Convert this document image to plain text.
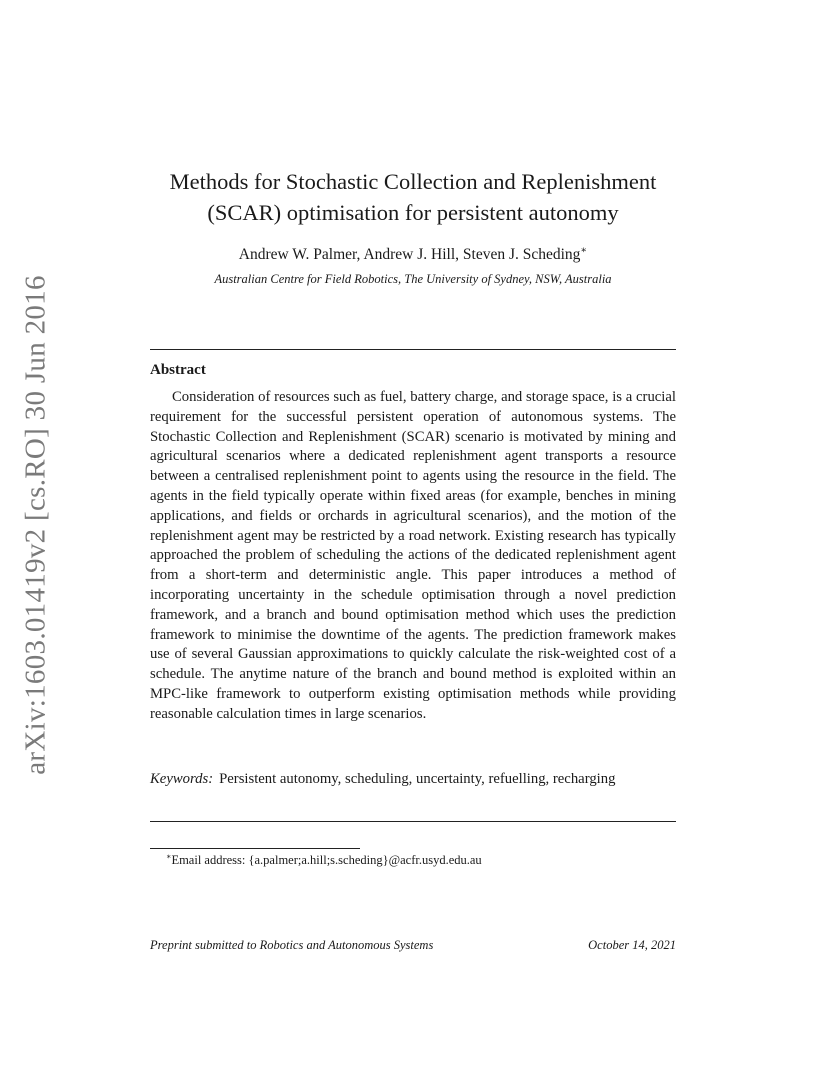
arXiv:1603.01419v2 [cs.RO] 30 Jun 2016
Methods for Stochastic Collection and Replenishment
(SCAR) optimisation for persistent autonomy
Andrew W. Palmer, Andrew J. Hill, Steven J. Scheding∗
Australian Centre for Field Robotics, The University of Sydney, NSW, Australia
Abstract
Consideration of resources such as fuel, battery charge, and storage space, is a crucial requirement for the successful persistent operation of autonomous systems. The Stochastic Collection and Replenishment (SCAR) scenario is motivated by mining and agricultural scenarios where a dedicated replenishment agent transports a resource between a centralised replenishment point to agents using the resource in the field. The agents in the field typically operate within fixed areas (for example, benches in mining applications, and fields or orchards in agricultural scenarios), and the motion of the replenishment agent may be restricted by a road network. Existing research has typically approached the problem of scheduling the actions of the dedicated replenishment agent from a short-term and deterministic angle. This paper introduces a method of incorporating uncertainty in the schedule optimisation through a novel prediction framework, and a branch and bound optimisation method which uses the prediction framework to minimise the downtime of the agents. The prediction framework makes use of several Gaussian approximations to quickly calculate the risk-weighted cost of a schedule. The anytime nature of the branch and bound method is exploited within an MPC-like framework to outperform existing optimisation methods while providing reasonable calculation times in large scenarios.
Keywords: Persistent autonomy, scheduling, uncertainty, refuelling, recharging
∗Email address: {a.palmer;a.hill;s.scheding}@acfr.usyd.edu.au
Preprint submitted to Robotics and Autonomous Systems	October 14, 2021
